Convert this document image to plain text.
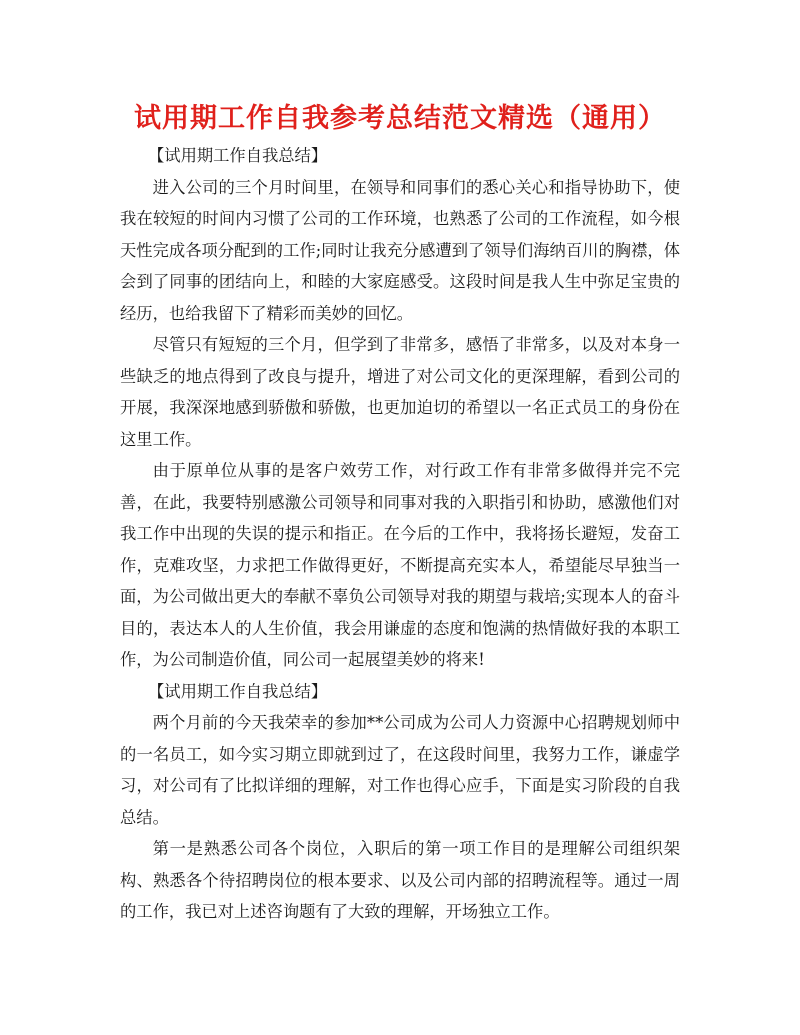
试用期工作自我参考总结范文精选（通用）

【试用期工作自我总结】

进入公司的三个月时间里，在领导和同事们的悉心关心和指导协助下，使我在较短的时间内习惯了公司的工作环境，也熟悉了公司的工作流程，如今根天性完成各项分配到的工作;同时让我充分感遭到了领导们海纳百川的胸襟，体会到了同事的团结向上，和睦的大家庭感受。这段时间是我人生中弥足宝贵的经历，也给我留下了精彩而美妙的回忆。

尽管只有短短的三个月，但学到了非常多，感悟了非常多，以及对本身一些缺乏的地点得到了改良与提升，增进了对公司文化的更深理解，看到公司的开展，我深深地感到骄傲和骄傲，也更加迫切的希望以一名正式员工的身份在这里工作。

由于原单位从事的是客户效劳工作，对行政工作有非常多做得并完不完善，在此，我要特别感激公司领导和同事对我的入职指引和协助，感激他们对我工作中出现的失误的提示和指正。在今后的工作中，我将扬长避短，发奋工作，克难攻坚，力求把工作做得更好，不断提高充实本人，希望能尽早独当一面，为公司做出更大的奉献不辜负公司领导对我的期望与栽培;实现本人的奋斗目的，表达本人的人生价值，我会用谦虚的态度和饱满的热情做好我的本职工作，为公司制造价值，同公司一起展望美妙的将来!

【试用期工作自我总结】

两个月前的今天我荣幸的参加**公司成为公司人力资源中心招聘规划师中的一名员工，如今实习期立即就到过了，在这段时间里，我努力工作，谦虚学习，对公司有了比拟详细的理解，对工作也得心应手，下面是实习阶段的自我总结。

第一是熟悉公司各个岗位，入职后的第一项工作目的是理解公司组织架构、熟悉各个待招聘岗位的根本要求、以及公司内部的招聘流程等。通过一周的工作，我已对上述咨询题有了大致的理解，开场独立工作。
